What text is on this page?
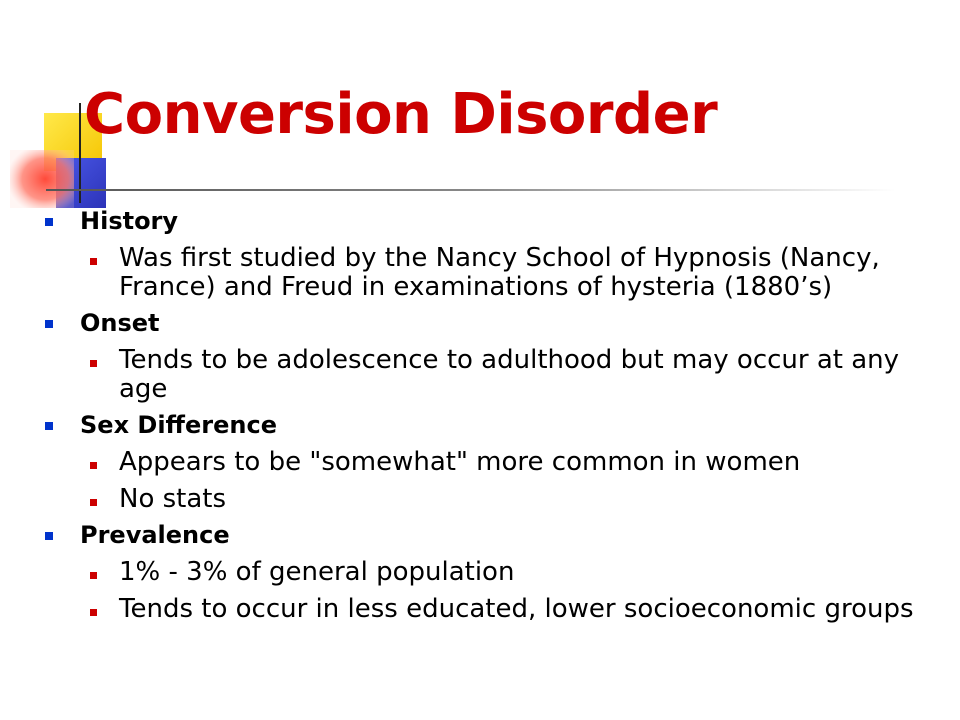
Conversion Disorder
History
Was first studied by the Nancy School of Hypnosis (Nancy, France) and Freud in examinations of hysteria (1880’s)
Onset
Tends to be adolescence to adulthood but may occur at any age
Sex Difference
Appears to be "somewhat" more common in women
No stats
Prevalence
1% - 3% of general population
Tends to occur in less educated, lower socioeconomic groups
